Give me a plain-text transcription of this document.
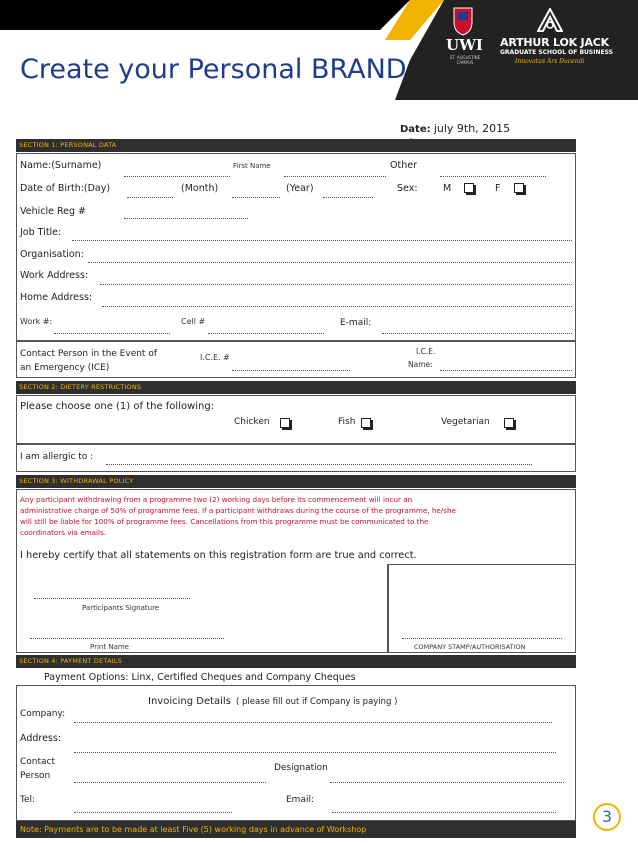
Create your Personal BRAND
UWI
ST. AUGUSTINE CAMPUS
ARTHUR LOK JACK
GRADUATE SCHOOL OF BUSINESS
Innovatus Ars Ducendi
Date: july 9th, 2015
SECTION 1: PERSONAL DATA
Name:(Surname)	First Name	Other
Date of Birth:(Day)	(Month)	(Year)	Sex:	M	F
Vehicle Reg #
Job Title:
Organisation:
Work Address:
Home Address:
Work #:	Cell #	E-mail:
Contact Person in the Event of
an Emergency (ICE)
I.C.E. #
I.C.E.
Name:
SECTION 2: DIETERY RESTRICTIONS
Please choose one (1) of the following:
Chicken	Fish	Vegetarian
I am allergic to :
SECTION 3: WITHDRAWAL POLICY
Any participant withdrawing from a programme two (2) working days before its commencement will incur an
administrative charge of 50% of programme fees. If a participant withdraws during the course of the programme, he/she
will still be liable for 100% of programme fees. Cancellations from this programme must be communicated to the
coordinators via emails.
I hereby certify that all statements on this registration form are true and correct.
Participants Signature
Print Name	COMPANY STAMP/AUTHORISATION
SECTION 4: PAYMENT DETAILS
Payment Options: Linx, Certified Cheques and Company Cheques
Invoicing Details ( please fill out if Company is paying )
Company:
Address:
Contact
Person
Designation
Tel:	Email:
Note: Payments are to be made at least Five (5) working days in advance of Workshop
3
